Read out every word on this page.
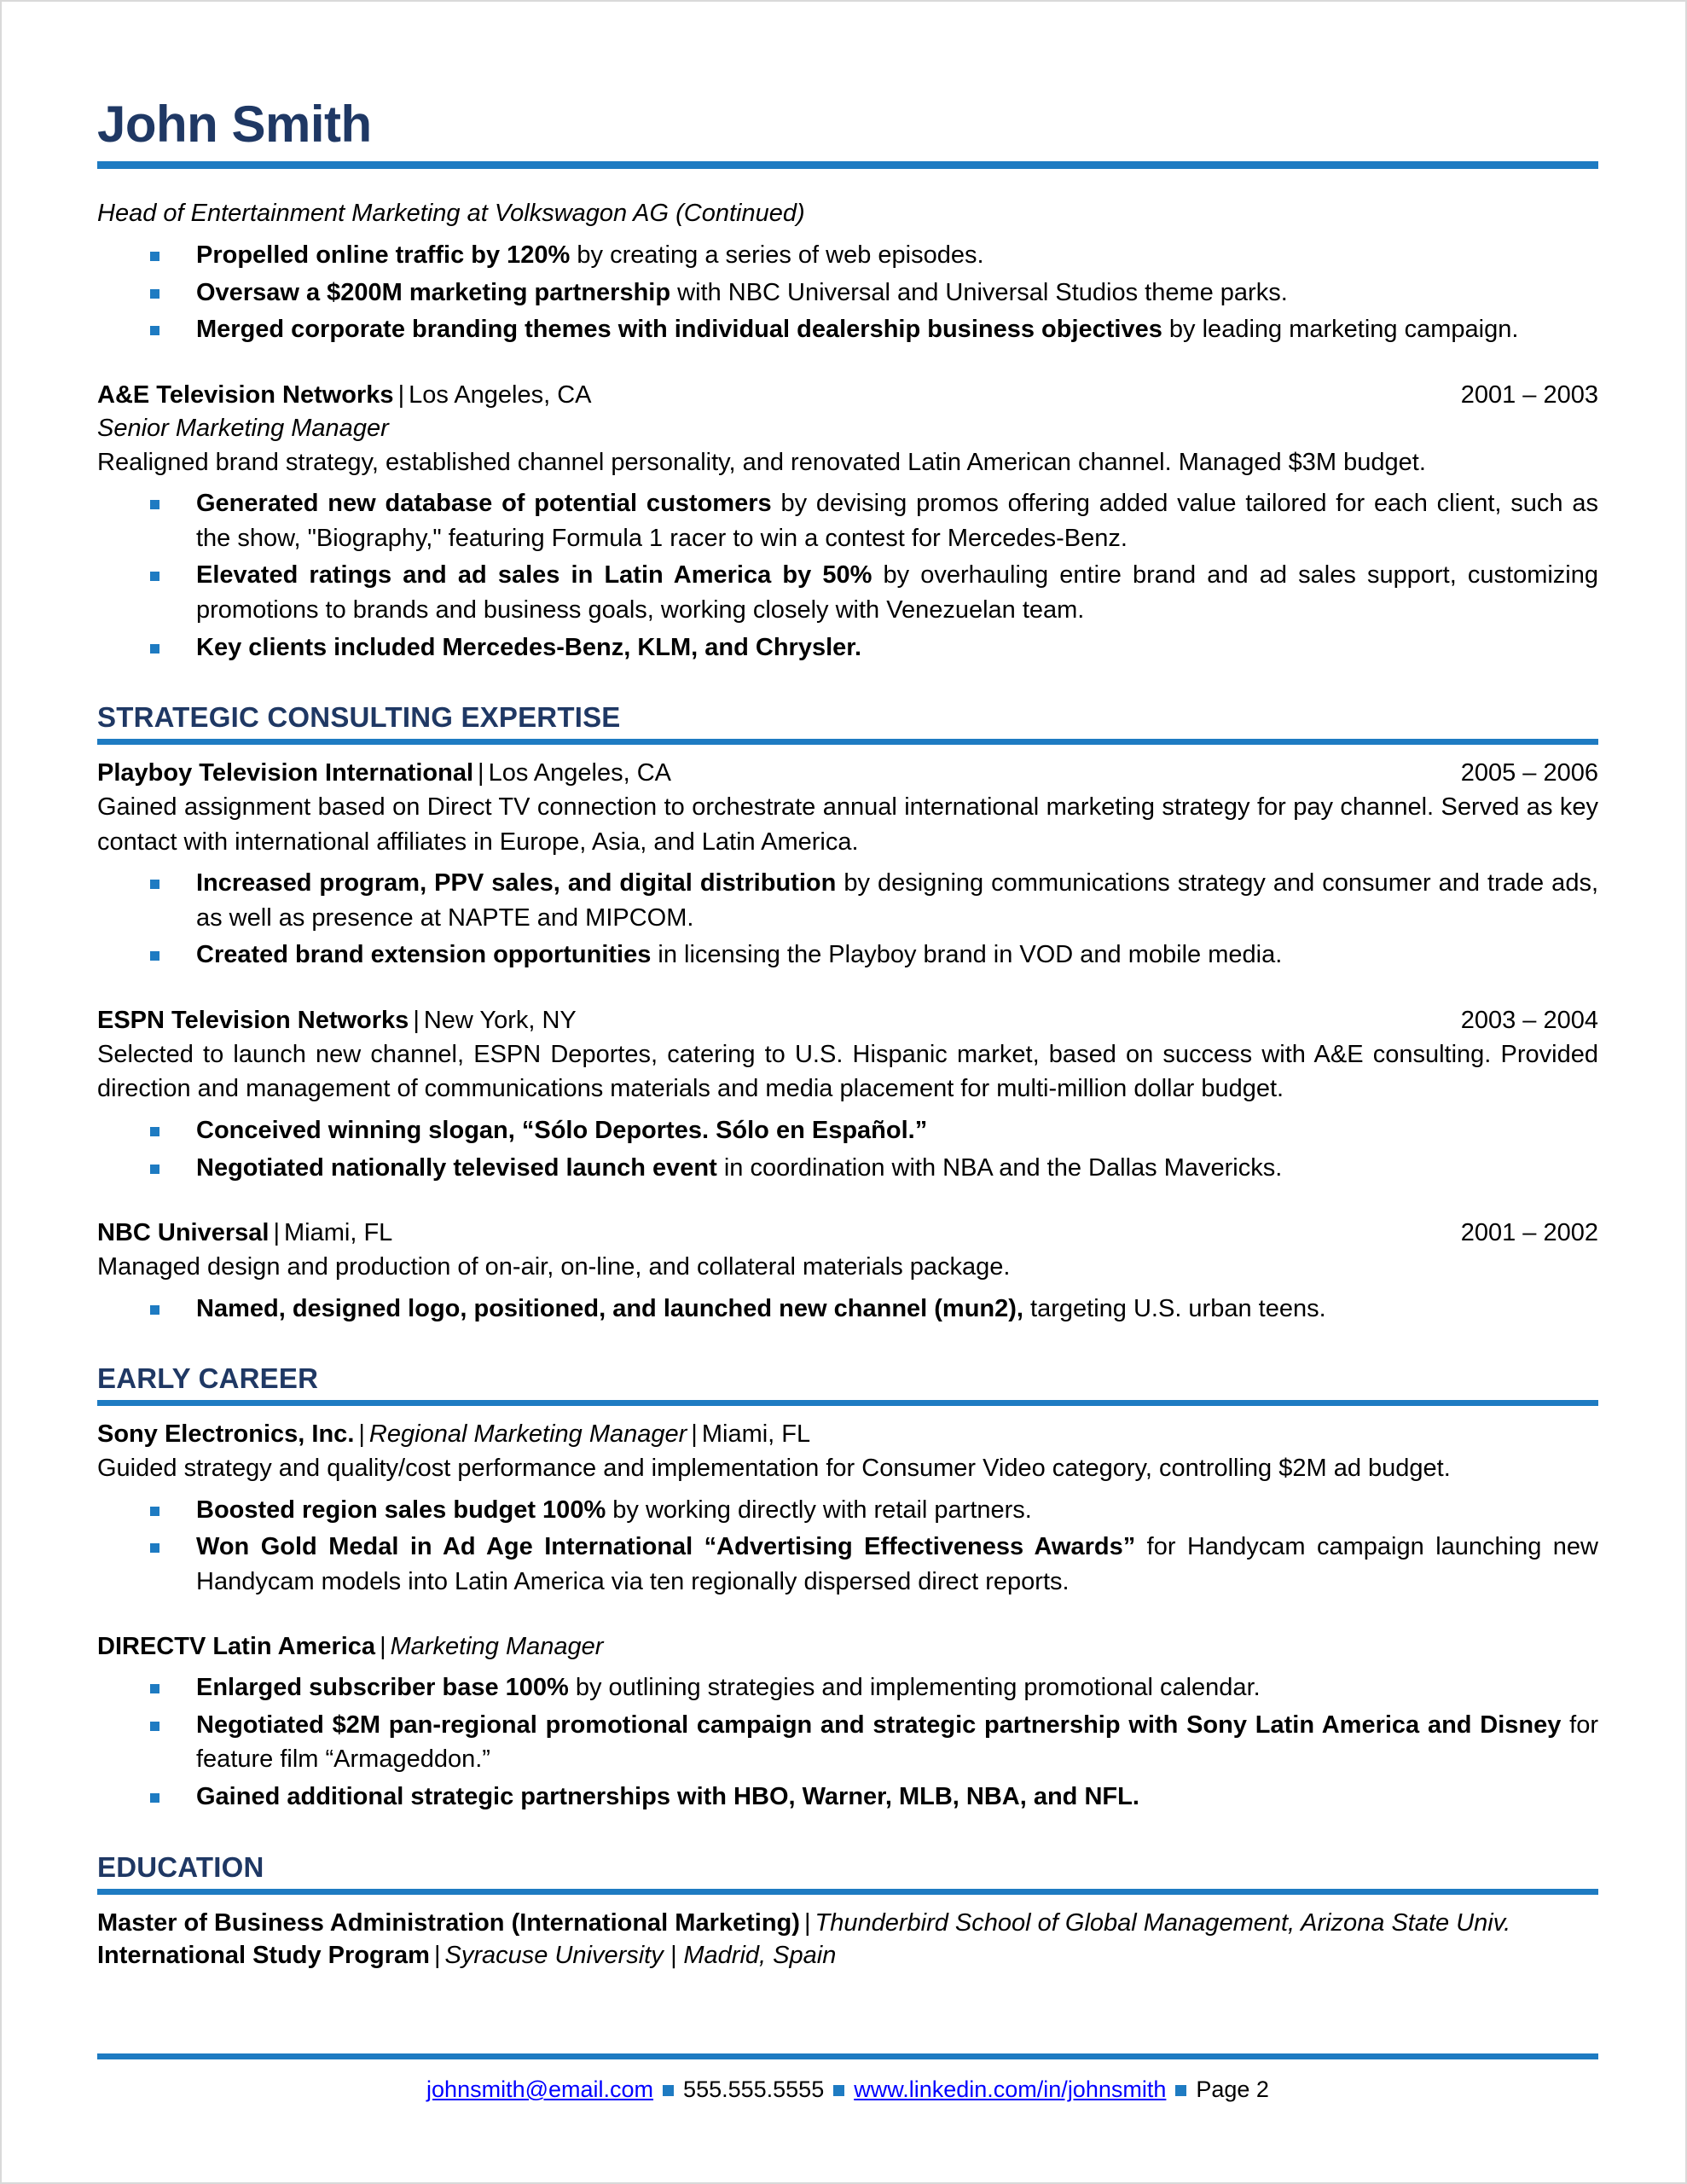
John Smith
Head of Entertainment Marketing at Volkswagon AG (Continued)
Propelled online traffic by 120% by creating a series of web episodes.
Oversaw a $200M marketing partnership with NBC Universal and Universal Studios theme parks.
Merged corporate branding themes with individual dealership business objectives by leading marketing campaign.
A&E Television Networks | Los Angeles, CA	2001 – 2003
Senior Marketing Manager
Realigned brand strategy, established channel personality, and renovated Latin American channel. Managed $3M budget.
Generated new database of potential customers by devising promos offering added value tailored for each client, such as the show, "Biography," featuring Formula 1 racer to win a contest for Mercedes-Benz.
Elevated ratings and ad sales in Latin America by 50% by overhauling entire brand and ad sales support, customizing promotions to brands and business goals, working closely with Venezuelan team.
Key clients included Mercedes-Benz, KLM, and Chrysler.
STRATEGIC CONSULTING EXPERTISE
Playboy Television International | Los Angeles, CA	2005 – 2006
Gained assignment based on Direct TV connection to orchestrate annual international marketing strategy for pay channel. Served as key contact with international affiliates in Europe, Asia, and Latin America.
Increased program, PPV sales, and digital distribution by designing communications strategy and consumer and trade ads, as well as presence at NAPTE and MIPCOM.
Created brand extension opportunities in licensing the Playboy brand in VOD and mobile media.
ESPN Television Networks | New York, NY	2003 – 2004
Selected to launch new channel, ESPN Deportes, catering to U.S. Hispanic market, based on success with A&E consulting. Provided direction and management of communications materials and media placement for multi-million dollar budget.
Conceived winning slogan, “Sólo Deportes. Sólo en Español.”
Negotiated nationally televised launch event in coordination with NBA and the Dallas Mavericks.
NBC Universal | Miami, FL	2001 – 2002
Managed design and production of on-air, on-line, and collateral materials package.
Named, designed logo, positioned, and launched new channel (mun2), targeting U.S. urban teens.
EARLY CAREER
Sony Electronics, Inc. | Regional Marketing Manager | Miami, FL
Guided strategy and quality/cost performance and implementation for Consumer Video category, controlling $2M ad budget.
Boosted region sales budget 100% by working directly with retail partners.
Won Gold Medal in Ad Age International “Advertising Effectiveness Awards” for Handycam campaign launching new Handycam models into Latin America via ten regionally dispersed direct reports.
DIRECTV Latin America | Marketing Manager
Enlarged subscriber base 100% by outlining strategies and implementing promotional calendar.
Negotiated $2M pan-regional promotional campaign and strategic partnership with Sony Latin America and Disney for feature film “Armageddon.”
Gained additional strategic partnerships with HBO, Warner, MLB, NBA, and NFL.
EDUCATION
Master of Business Administration (International Marketing) | Thunderbird School of Global Management, Arizona State Univ.
International Study Program | Syracuse University | Madrid, Spain
johnsmith@email.com 555.555.5555 www.linkedin.com/in/johnsmith Page 2
